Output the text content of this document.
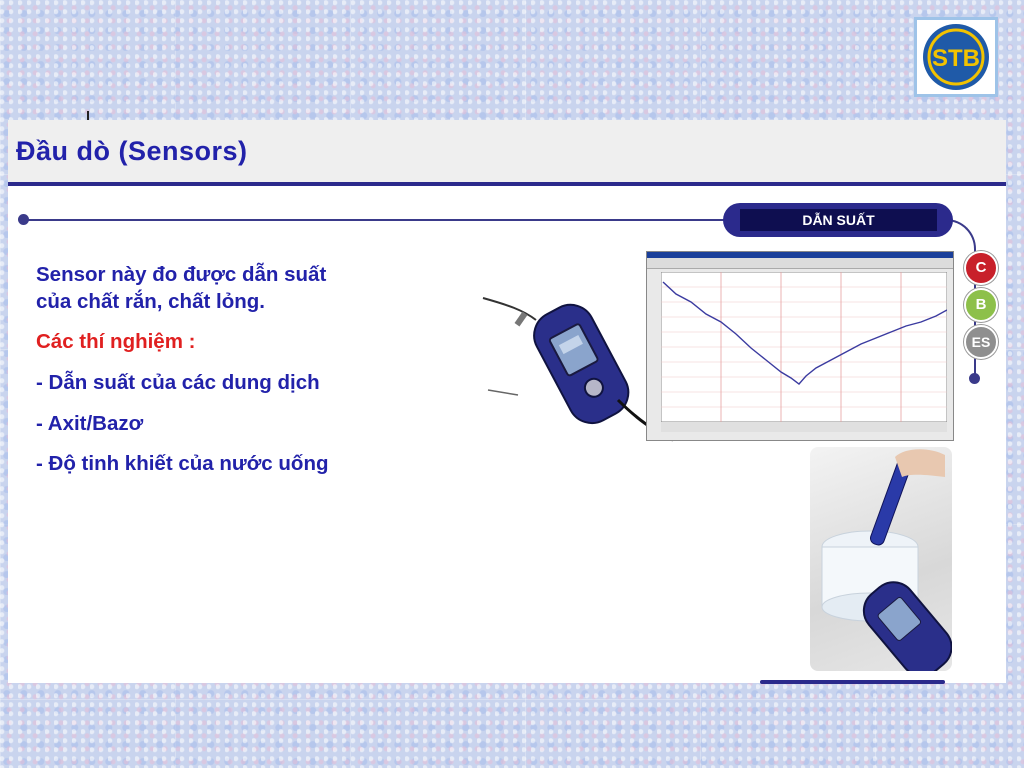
STB
Đầu dò (Sensors)
DẪN SUẤT
C
B
ES

Sensor này đo được dẫn suất
của chất rắn, chất lỏng.

Các thí nghiệm :

- Dẫn suất của các dung dịch

- Axit/Bazơ

- Độ tinh khiết của nước uống
